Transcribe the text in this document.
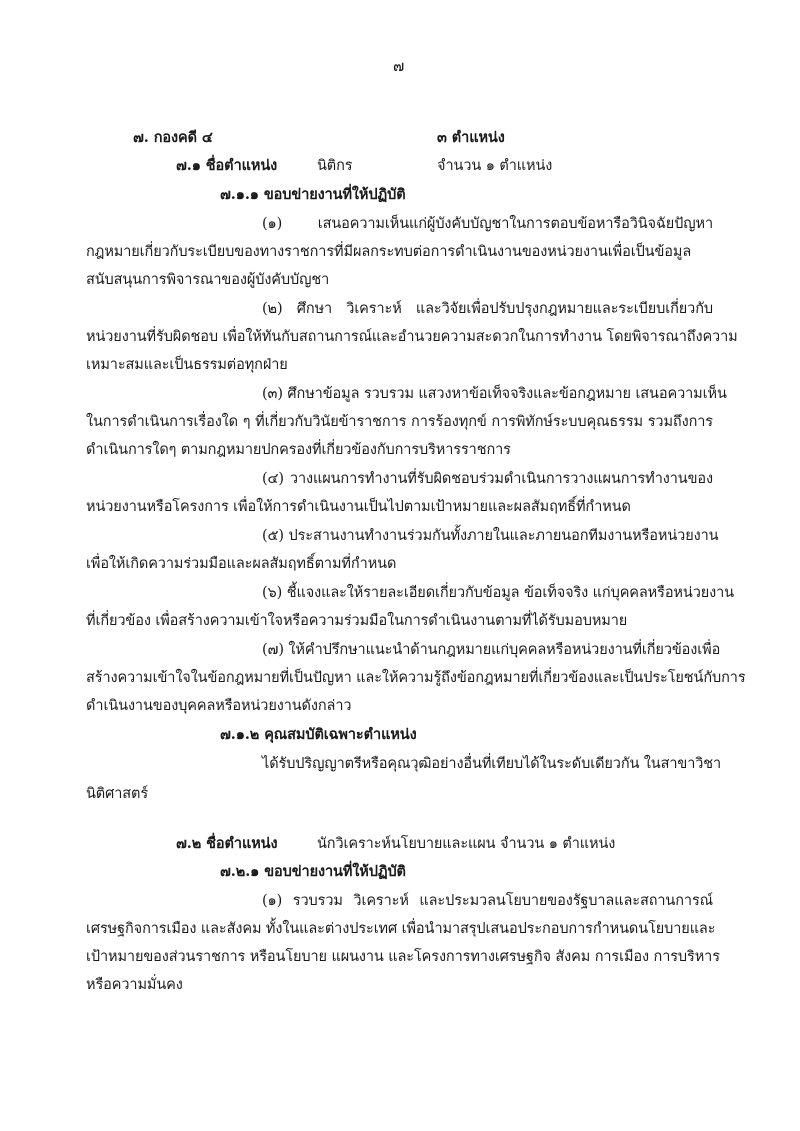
๗
๗. กองคดี ๔	๓ ตำแหน่ง
๗.๑ ชื่อตำแหน่ง	นิติกร	จำนวน ๑ ตำแหน่ง
๗.๑.๑ ขอบข่ายงานที่ให้ปฏิบัติ
(๑) เสนอความเห็นแก่ผู้บังคับบัญชาในการตอบข้อหารือวินิจฉัยปัญหา
กฎหมายเกี่ยวกับระเบียบของทางราชการที่มีผลกระทบต่อการดำเนินงานของหน่วยงานเพื่อเป็นข้อมูล
สนับสนุนการพิจารณาของผู้บังคับบัญชา
(๒) ศึกษา วิเคราะห์ และวิจัยเพื่อปรับปรุงกฎหมายและระเบียบเกี่ยวกับ
หน่วยงานที่รับผิดชอบ เพื่อให้ทันกับสถานการณ์และอำนวยความสะดวกในการทำงาน โดยพิจารณาถึงความ
เหมาะสมและเป็นธรรมต่อทุกฝ่าย
(๓) ศึกษาข้อมูล รวบรวม แสวงหาข้อเท็จจริงและข้อกฎหมาย เสนอความเห็น
ในการดำเนินการเรื่องใด ๆ ที่เกี่ยวกับวินัยข้าราชการ การร้องทุกข์ การพิทักษ์ระบบคุณธรรม รวมถึงการ
ดำเนินการใดๆ ตามกฎหมายปกครองที่เกี่ยวข้องกับการบริหารราชการ
(๔) วางแผนการทำงานที่รับผิดชอบร่วมดำเนินการวางแผนการทำงานของ
หน่วยงานหรือโครงการ เพื่อให้การดำเนินงานเป็นไปตามเป้าหมายและผลสัมฤทธิ์ที่กำหนด
(๕) ประสานงานทำงานร่วมกันทั้งภายในและภายนอกทีมงานหรือหน่วยงาน
เพื่อให้เกิดความร่วมมือและผลสัมฤทธิ์ตามที่กำหนด
(๖) ชี้แจงและให้รายละเอียดเกี่ยวกับข้อมูล ข้อเท็จจริง แก่บุคคลหรือหน่วยงาน
ที่เกี่ยวข้อง เพื่อสร้างความเข้าใจหรือความร่วมมือในการดำเนินงานตามที่ได้รับมอบหมาย
(๗) ให้คำปรึกษาแนะนำด้านกฎหมายแก่บุคคลหรือหน่วยงานที่เกี่ยวข้องเพื่อ
สร้างความเข้าใจในข้อกฎหมายที่เป็นปัญหา และให้ความรู้ถึงข้อกฎหมายที่เกี่ยวข้องและเป็นประโยชน์กับการ
ดำเนินงานของบุคคลหรือหน่วยงานดังกล่าว
๗.๑.๒ คุณสมบัติเฉพาะตำแหน่ง
ได้รับปริญญาตรีหรือคุณวุฒิอย่างอื่นที่เทียบได้ในระดับเดียวกัน ในสาขาวิชา
นิติศาสตร์
๗.๒ ชื่อตำแหน่ง	นักวิเคราะห์นโยบายและแผน จำนวน ๑ ตำแหน่ง
๗.๒.๑ ขอบข่ายงานที่ให้ปฏิบัติ
(๑) รวบรวม วิเคราะห์ และประมวลนโยบายของรัฐบาลและสถานการณ์
เศรษฐกิจการเมือง และสังคม ทั้งในและต่างประเทศ เพื่อนำมาสรุปเสนอประกอบการกำหนดนโยบายและ
เป้าหมายของส่วนราชการ หรือนโยบาย แผนงาน และโครงการทางเศรษฐกิจ สังคม การเมือง การบริหาร
หรือความมั่นคง
